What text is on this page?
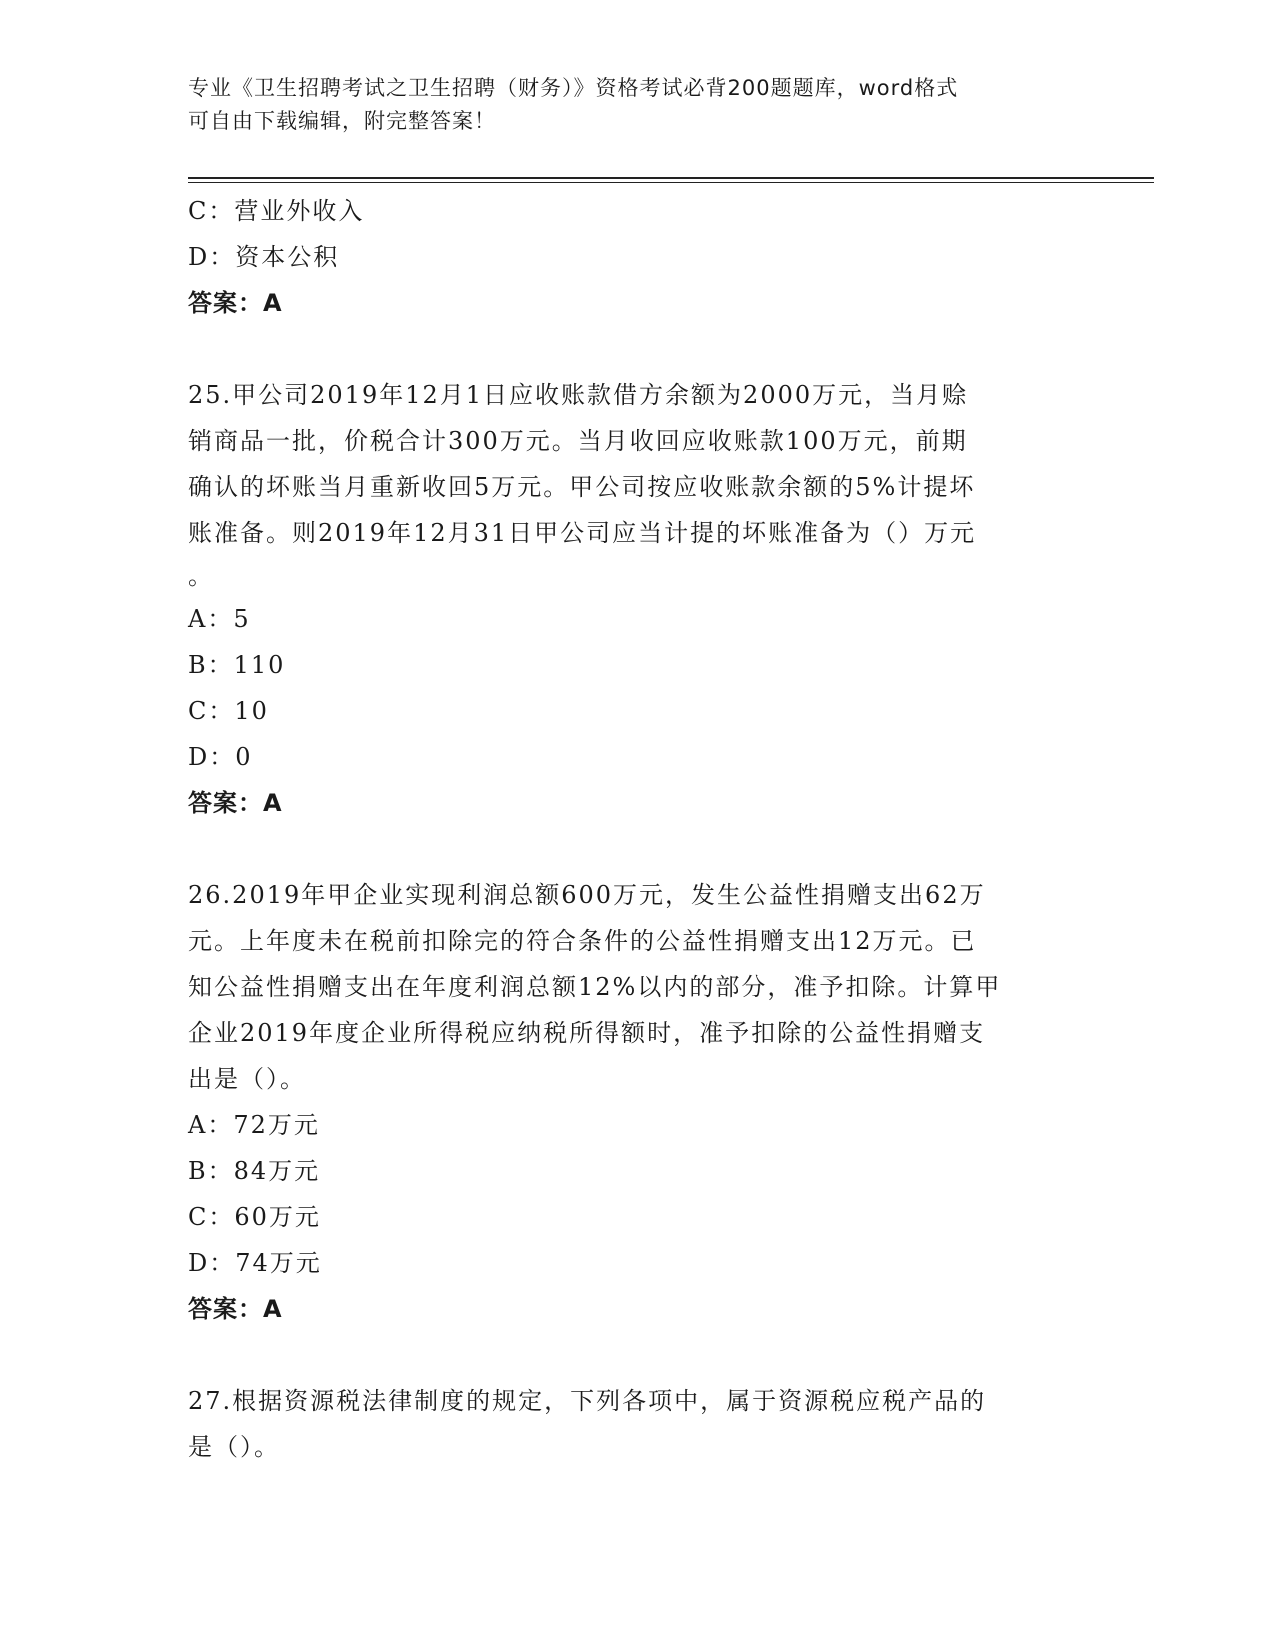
专业《卫生招聘考试之卫生招聘（财务）》资格考试必背200题题库，word格式
可自由下载编辑，附完整答案！
C：营业外收入
D：资本公积
答案：A
25.甲公司2019年12月1日应收账款借方余额为2000万元，当月赊
销商品一批，价税合计300万元。当月收回应收账款100万元，前期
确认的坏账当月重新收回5万元。甲公司按应收账款余额的5%计提坏
账准备。则2019年12月31日甲公司应当计提的坏账准备为（）万元
。
A：5
B：110
C：10
D：0
答案：A
26.2019年甲企业实现利润总额600万元，发生公益性捐赠支出62万
元。上年度未在税前扣除完的符合条件的公益性捐赠支出12万元。已
知公益性捐赠支出在年度利润总额12%以内的部分，准予扣除。计算甲
企业2019年度企业所得税应纳税所得额时，准予扣除的公益性捐赠支
出是（）。
A：72万元
B：84万元
C：60万元
D：74万元
答案：A
27.根据资源税法律制度的规定，下列各项中，属于资源税应税产品的
是（）。
